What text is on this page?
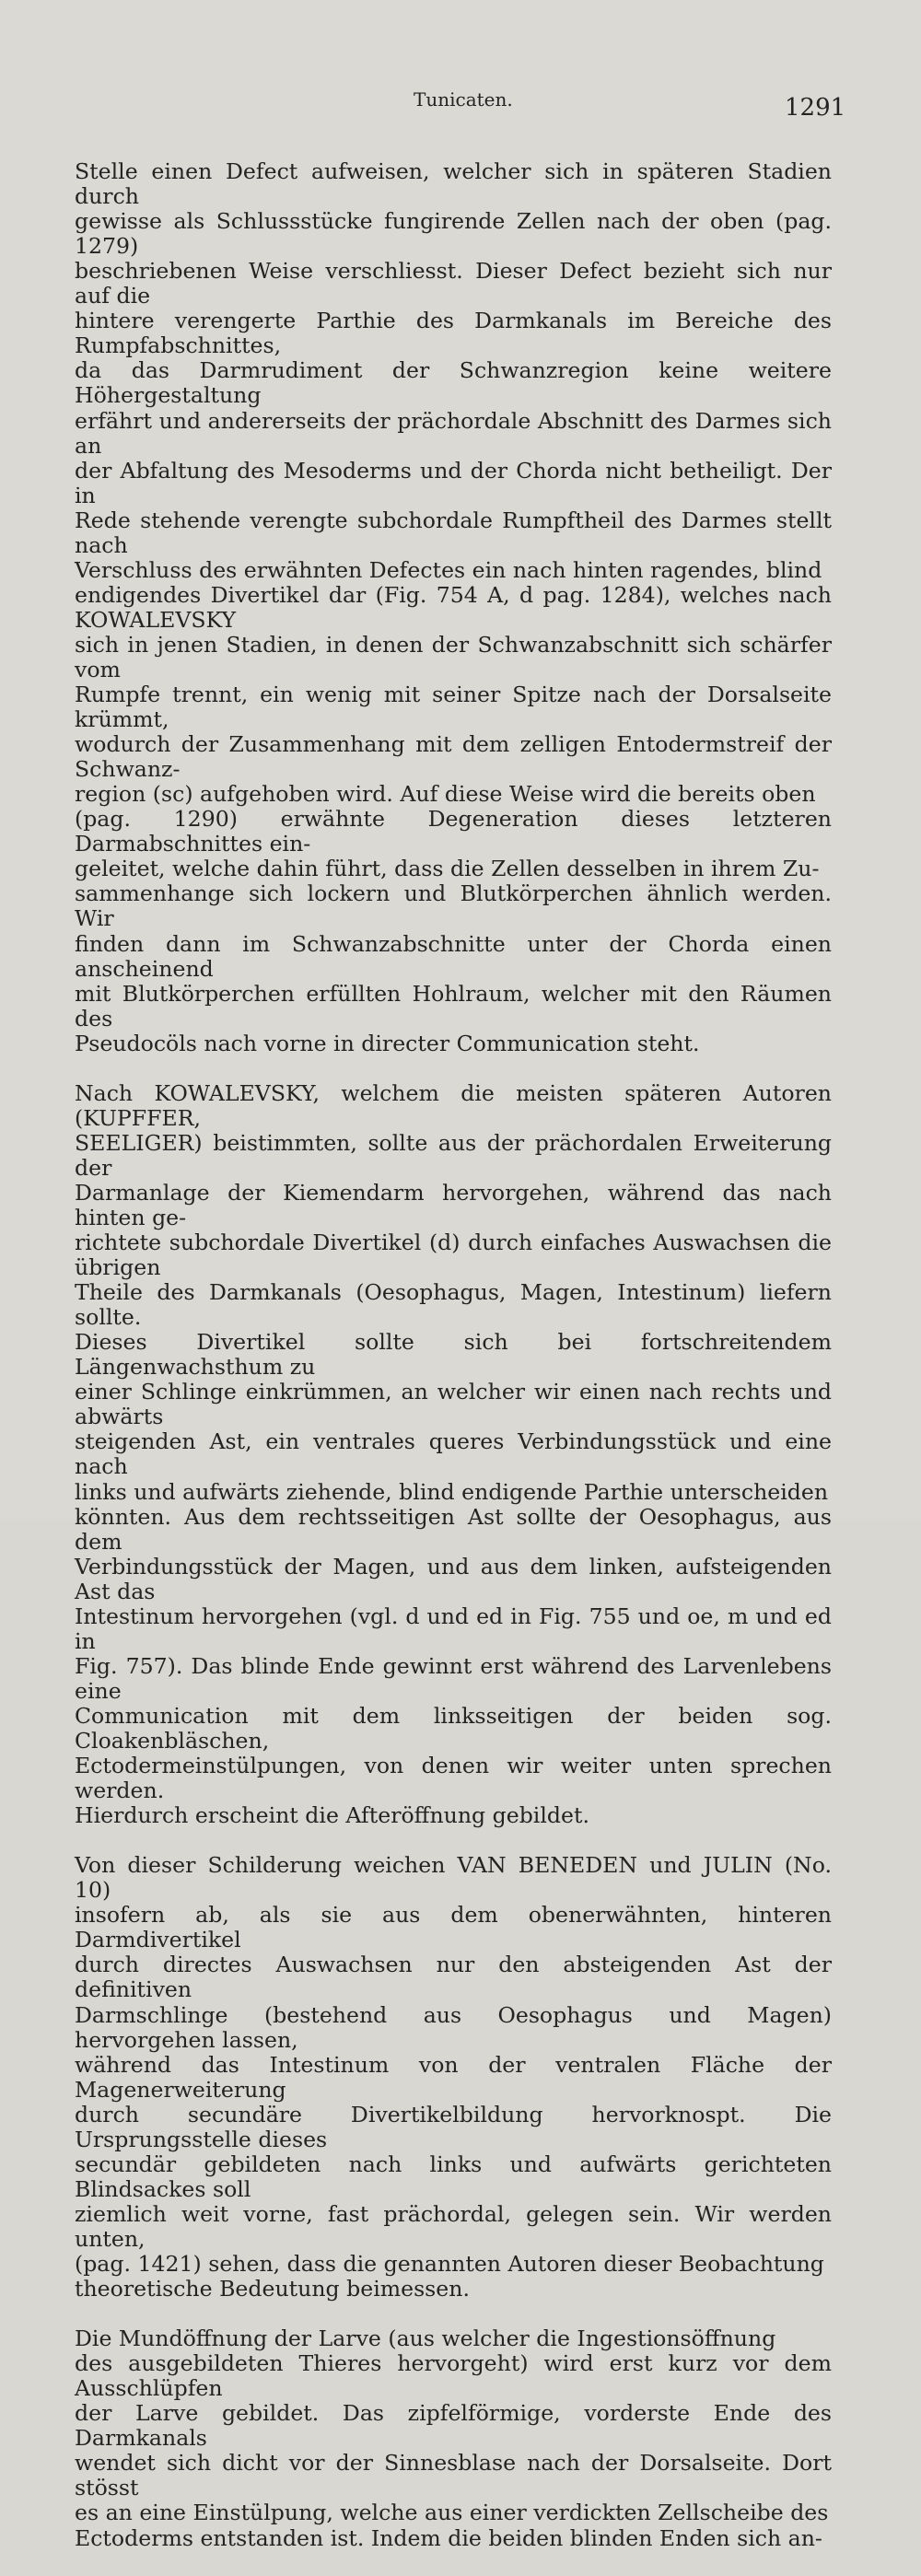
Tunicaten.	1291

Stelle einen Defect aufweisen, welcher sich in späteren Stadien durch
gewisse als Schlussstücke fungirende Zellen nach der oben (pag. 1279)
beschriebenen Weise verschliesst. Dieser Defect bezieht sich nur auf die
hintere verengerte Parthie des Darmkanals im Bereiche des Rumpfabschnittes,
da das Darmrudiment der Schwanzregion keine weitere Höhergestaltung
erfährt und andererseits der prächordale Abschnitt des Darmes sich an
der Abfaltung des Mesoderms und der Chorda nicht betheiligt. Der in
Rede stehende verengte subchordale Rumpftheil des Darmes stellt nach
Verschluss des erwähnten Defectes ein nach hinten ragendes, blind
endigendes Divertikel dar (Fig. 754 A, d pag. 1284), welches nach KOWALEVSKY
sich in jenen Stadien, in denen der Schwanzabschnitt sich schärfer vom
Rumpfe trennt, ein wenig mit seiner Spitze nach der Dorsalseite krümmt,
wodurch der Zusammenhang mit dem zelligen Entodermstreif der Schwanz-
region (sc) aufgehoben wird. Auf diese Weise wird die bereits oben
(pag. 1290) erwähnte Degeneration dieses letzteren Darmabschnittes ein-
geleitet, welche dahin führt, dass die Zellen desselben in ihrem Zu-
sammenhange sich lockern und Blutkörperchen ähnlich werden. Wir
finden dann im Schwanzabschnitte unter der Chorda einen anscheinend
mit Blutkörperchen erfüllten Hohlraum, welcher mit den Räumen des
Pseudocöls nach vorne in directer Communication steht.

Nach KOWALEVSKY, welchem die meisten späteren Autoren (KUPFFER,
SEELIGER) beistimmten, sollte aus der prächordalen Erweiterung der
Darmanlage der Kiemendarm hervorgehen, während das nach hinten ge-
richtete subchordale Divertikel (d) durch einfaches Auswachsen die übrigen
Theile des Darmkanals (Oesophagus, Magen, Intestinum) liefern sollte.
Dieses Divertikel sollte sich bei fortschreitendem Längenwachsthum zu
einer Schlinge einkrümmen, an welcher wir einen nach rechts und abwärts
steigenden Ast, ein ventrales queres Verbindungsstück und eine nach
links und aufwärts ziehende, blind endigende Parthie unterscheiden
könnten. Aus dem rechtsseitigen Ast sollte der Oesophagus, aus dem
Verbindungsstück der Magen, und aus dem linken, aufsteigenden Ast das
Intestinum hervorgehen (vgl. d und ed in Fig. 755 und oe, m und ed in
Fig. 757). Das blinde Ende gewinnt erst während des Larvenlebens eine
Communication mit dem linksseitigen der beiden sog. Cloakenbläschen,
Ectodermeinstülpungen, von denen wir weiter unten sprechen werden.
Hierdurch erscheint die Afteröffnung gebildet.

Von dieser Schilderung weichen VAN BENEDEN und JULIN (No. 10)
insofern ab, als sie aus dem obenerwähnten, hinteren Darmdivertikel
durch directes Auswachsen nur den absteigenden Ast der definitiven
Darmschlinge (bestehend aus Oesophagus und Magen) hervorgehen lassen,
während das Intestinum von der ventralen Fläche der Magenerweiterung
durch secundäre Divertikelbildung hervorknospt. Die Ursprungsstelle dieses
secundär gebildeten nach links und aufwärts gerichteten Blindsackes soll
ziemlich weit vorne, fast prächordal, gelegen sein. Wir werden unten,
(pag. 1421) sehen, dass die genannten Autoren dieser Beobachtung
theoretische Bedeutung beimessen.

Die Mundöffnung der Larve (aus welcher die Ingestionsöffnung
des ausgebildeten Thieres hervorgeht) wird erst kurz vor dem Ausschlüpfen
der Larve gebildet. Das zipfelförmige, vorderste Ende des Darmkanals
wendet sich dicht vor der Sinnesblase nach der Dorsalseite. Dort stösst
es an eine Einstülpung, welche aus einer verdickten Zellscheibe des
Ectoderms entstanden ist. Indem die beiden blinden Enden sich an-
